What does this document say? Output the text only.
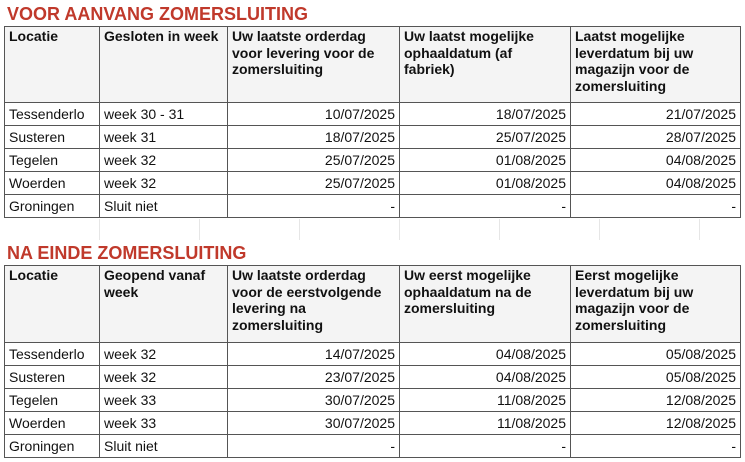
VOOR AANVANG ZOMERSLUITING
Locatie	Gesloten in week	Uw laatste orderdag voor levering voor de zomersluiting	Uw laatst mogelijke ophaaldatum (af fabriek)	Laatst mogelijke leverdatum bij uw magazijn voor de zomersluiting
Tessenderlo	week 30 - 31	10/07/2025	18/07/2025	21/07/2025
Susteren	week 31	18/07/2025	25/07/2025	28/07/2025
Tegelen	week 32	25/07/2025	01/08/2025	04/08/2025
Woerden	week 32	25/07/2025	01/08/2025	04/08/2025
Groningen	Sluit niet	-	-	-
NA EINDE ZOMERSLUITING
Locatie	Geopend vanaf week	Uw laatste orderdag voor de eerstvolgende levering na zomersluiting	Uw eerst mogelijke ophaaldatum na de zomersluiting	Eerst mogelijke leverdatum bij uw magazijn voor de zomersluiting
Tessenderlo	week 32	14/07/2025	04/08/2025	05/08/2025
Susteren	week 32	23/07/2025	04/08/2025	05/08/2025
Tegelen	week 33	30/07/2025	11/08/2025	12/08/2025
Woerden	week 33	30/07/2025	11/08/2025	12/08/2025
Groningen	Sluit niet	-	-	-
